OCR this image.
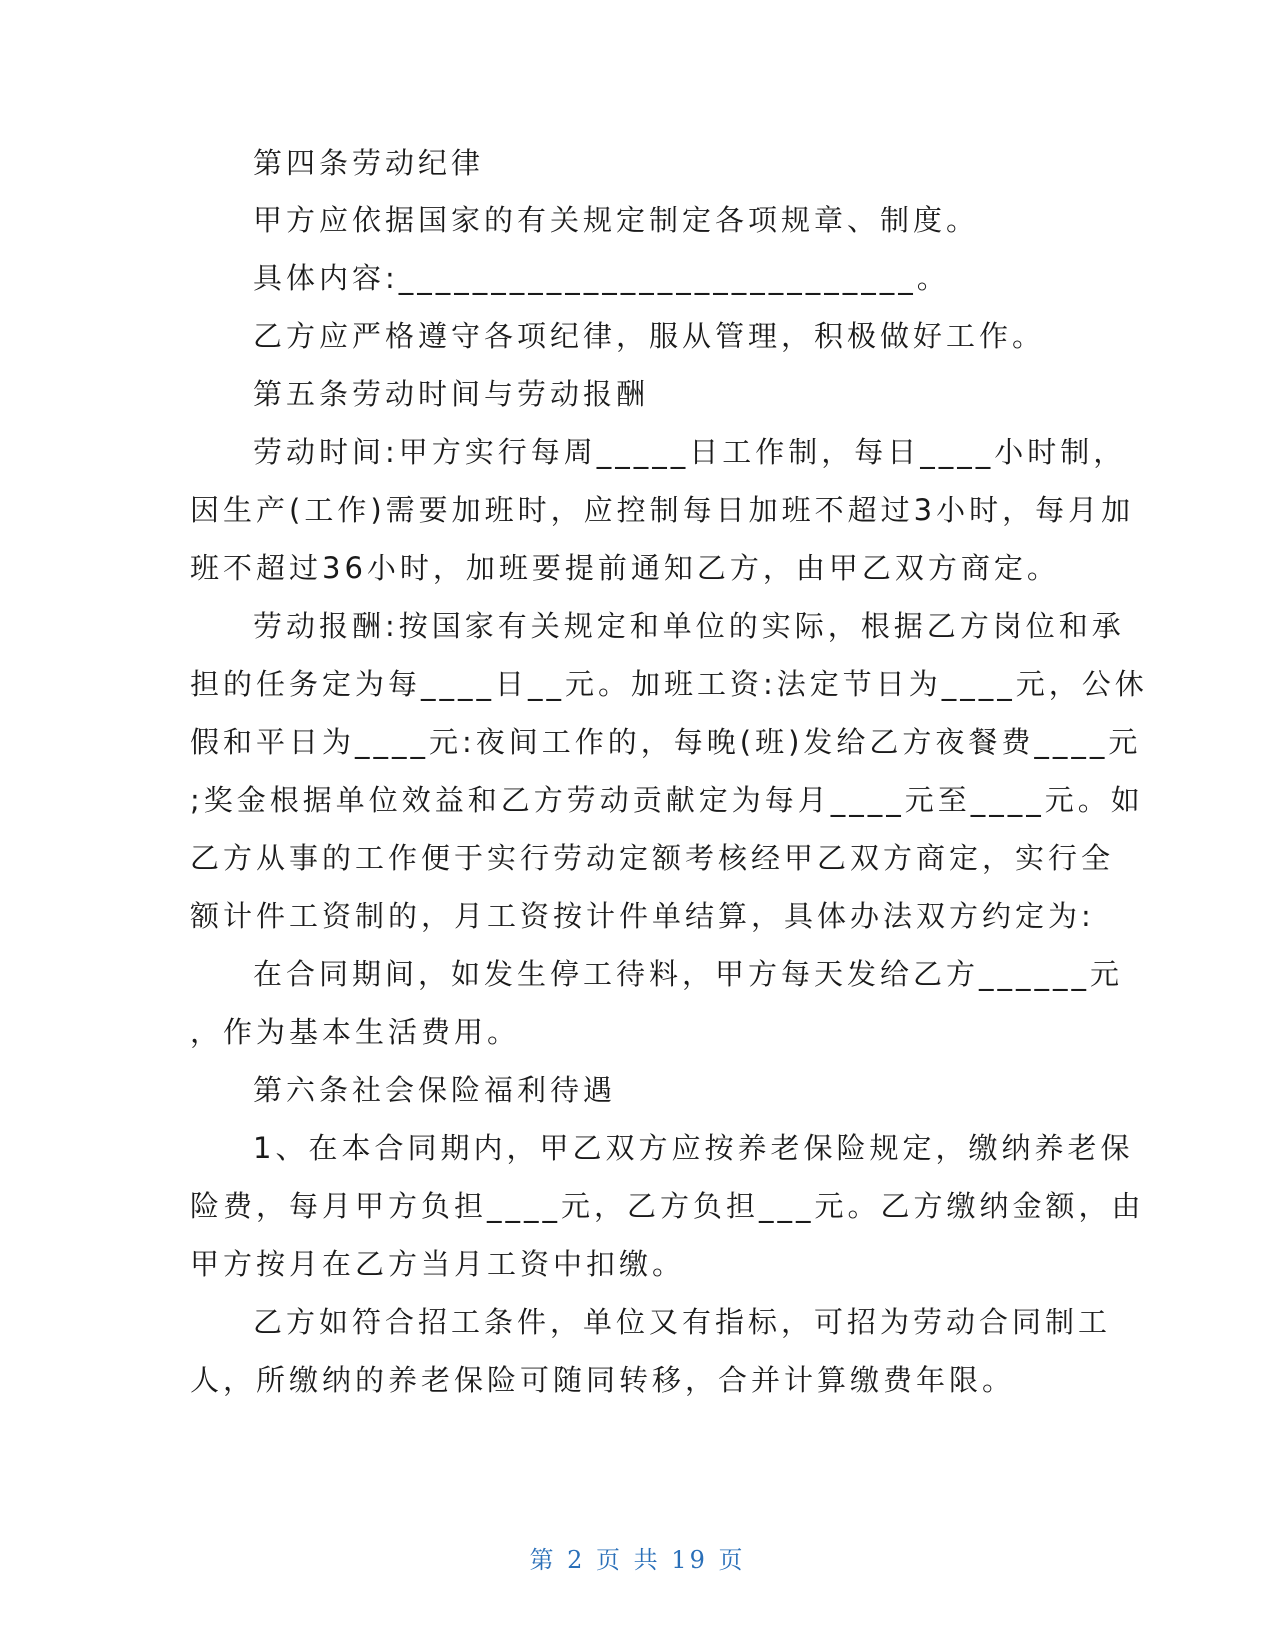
第四条劳动纪律
甲方应依据国家的有关规定制定各项规章、制度。
具体内容:____________________________。
乙方应严格遵守各项纪律，服从管理，积极做好工作。
第五条劳动时间与劳动报酬
劳动时间:甲方实行每周_____日工作制，每日____小时制，
因生产(工作)需要加班时，应控制每日加班不超过3小时，每月加
班不超过36小时，加班要提前通知乙方，由甲乙双方商定。
劳动报酬:按国家有关规定和单位的实际，根据乙方岗位和承
担的任务定为每____日__元。加班工资:法定节日为____元，公休
假和平日为____元:夜间工作的，每晚(班)发给乙方夜餐费____元
;奖金根据单位效益和乙方劳动贡献定为每月____元至____元。如
乙方从事的工作便于实行劳动定额考核经甲乙双方商定，实行全
额计件工资制的，月工资按计件单结算，具体办法双方约定为:
在合同期间，如发生停工待料，甲方每天发给乙方______元
，作为基本生活费用。
第六条社会保险福利待遇
1、在本合同期内，甲乙双方应按养老保险规定，缴纳养老保
险费，每月甲方负担____元，乙方负担___元。乙方缴纳金额，由
甲方按月在乙方当月工资中扣缴。
乙方如符合招工条件，单位又有指标，可招为劳动合同制工
人，所缴纳的养老保险可随同转移，合并计算缴费年限。
第 2 页 共 19 页
